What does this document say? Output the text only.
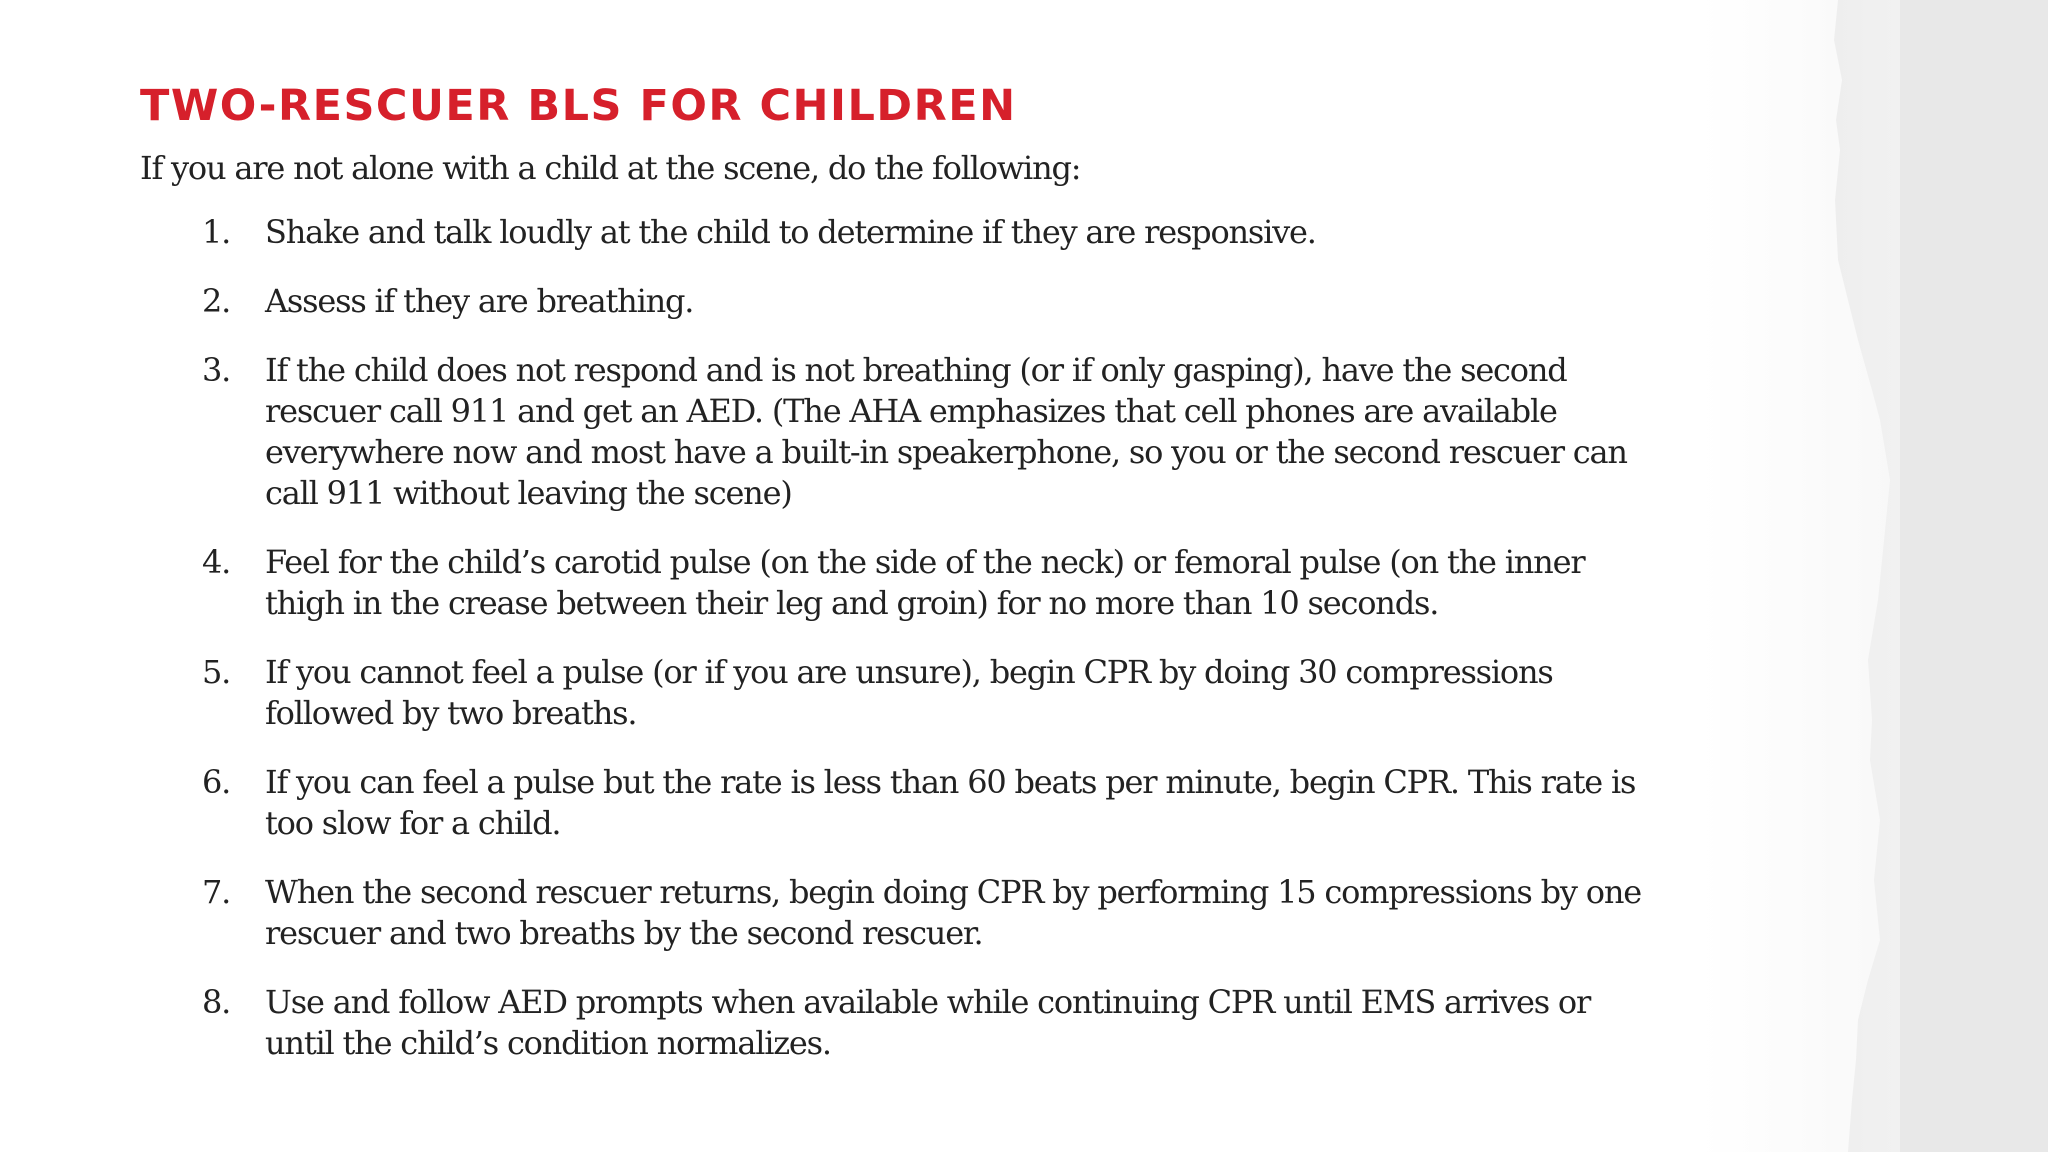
TWO-RESCUER BLS FOR CHILDREN

If you are not alone with a child at the scene, do the following:

1. Shake and talk loudly at the child to determine if they are responsive.
2. Assess if they are breathing.
3. If the child does not respond and is not breathing (or if only gasping), have the second rescuer call 911 and get an AED. (The AHA emphasizes that cell phones are available everywhere now and most have a built-in speakerphone, so you or the second rescuer can call 911 without leaving the scene)
4. Feel for the child’s carotid pulse (on the side of the neck) or femoral pulse (on the inner thigh in the crease between their leg and groin) for no more than 10 seconds.
5. If you cannot feel a pulse (or if you are unsure), begin CPR by doing 30 compressions followed by two breaths.
6. If you can feel a pulse but the rate is less than 60 beats per minute, begin CPR. This rate is too slow for a child.
7. When the second rescuer returns, begin doing CPR by performing 15 compressions by one rescuer and two breaths by the second rescuer.
8. Use and follow AED prompts when available while continuing CPR until EMS arrives or until the child’s condition normalizes.
